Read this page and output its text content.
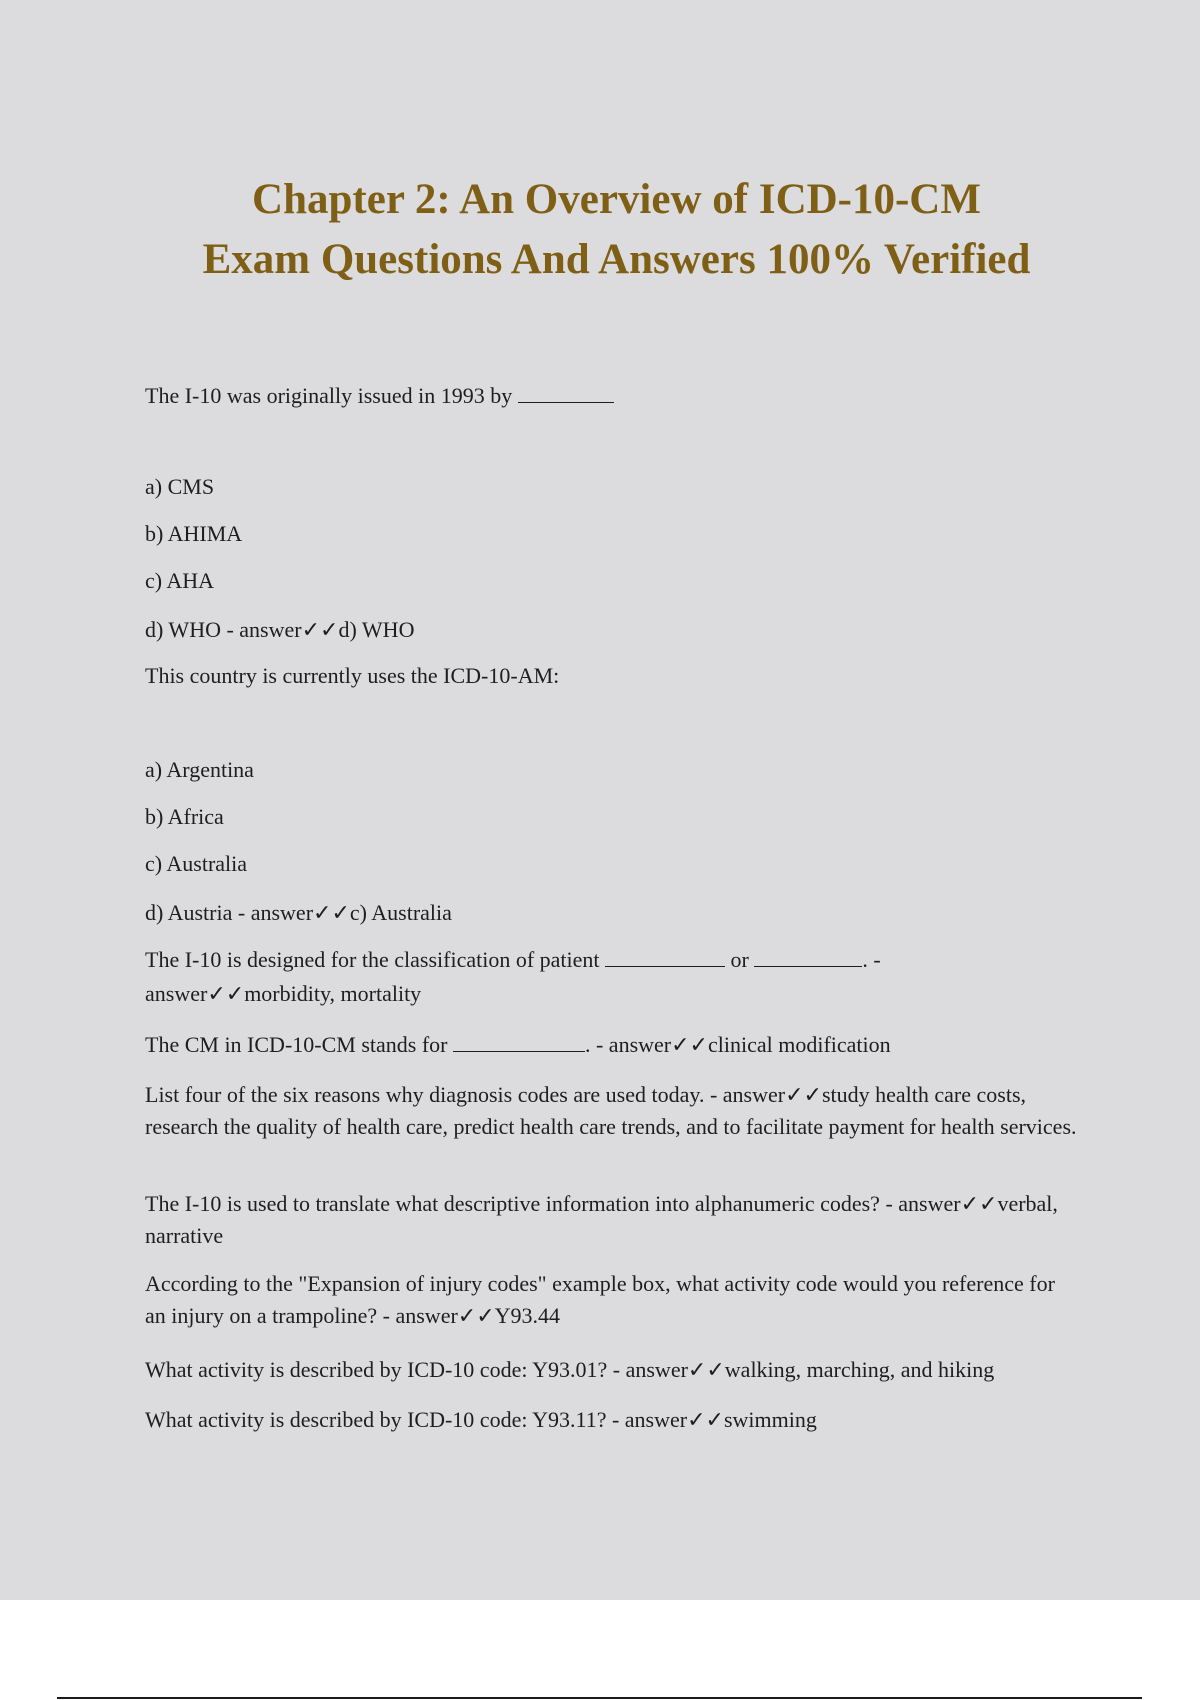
Chapter 2: An Overview of ICD-10-CM
Exam Questions And Answers 100% Verified

The I-10 was originally issued in 1993 by

a) CMS

b) AHIMA

c) AHA

d) WHO - answer✓✓d) WHO

This country is currently uses the ICD-10-AM:

a) Argentina

b) Africa

c) Australia

d) Austria - answer✓✓c) Australia

The I-10 is designed for the classification of patient	or	. -

answer✓✓morbidity, mortality

The CM in ICD-10-CM stands for	. - answer✓✓clinical modification

List four of the six reasons why diagnosis codes are used today. - answer✓✓study health care costs, research the quality of health care, predict health care trends, and to facilitate payment for health services.

The I-10 is used to translate what descriptive information into alphanumeric codes? - answer✓✓verbal, narrative

According to the "Expansion of injury codes" example box, what activity code would you reference for an injury on a trampoline? - answer✓✓Y93.44

What activity is described by ICD-10 code: Y93.01? - answer✓✓walking, marching, and hiking

What activity is described by ICD-10 code: Y93.11? - answer✓✓swimming
